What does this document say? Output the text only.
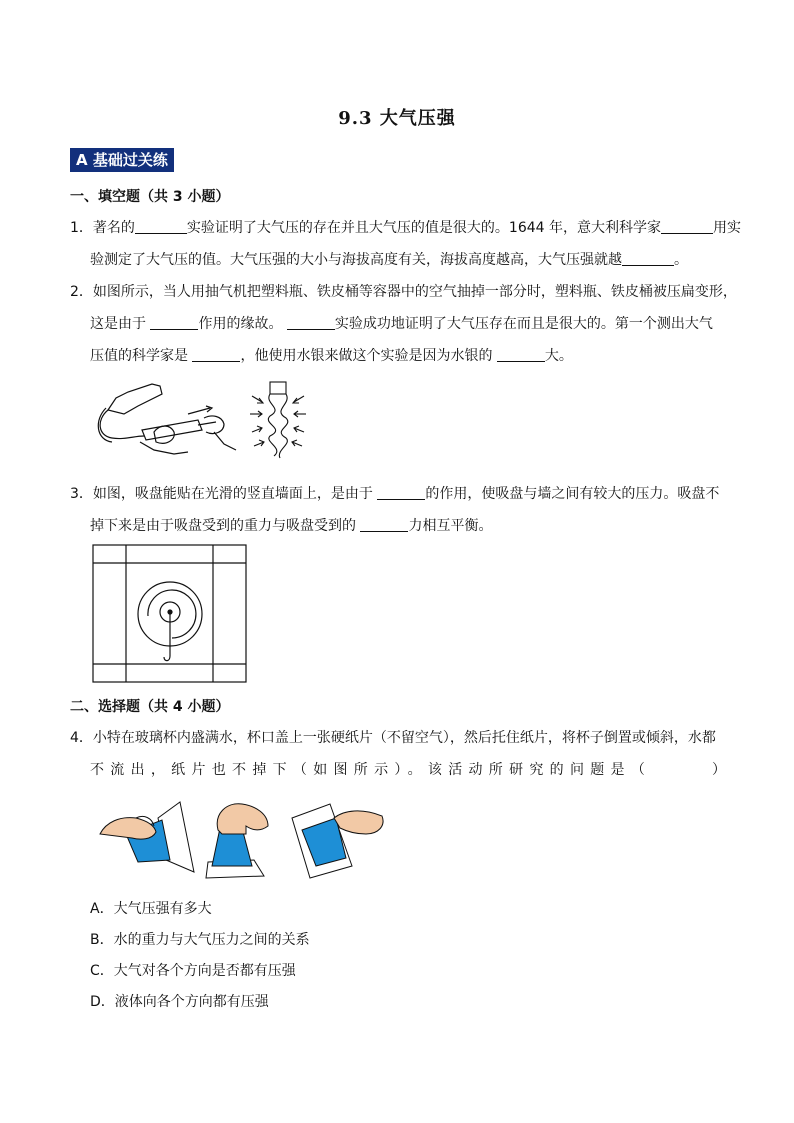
9.3 大气压强
A 基础过关练
一、填空题（共 3 小题）
1．著名的	实验证明了大气压的存在并且大气压的值是很大的。1644 年，意大利科学家	用实
验测定了大气压的值。大气压强的大小与海拔高度有关，海拔高度越高，大气压强就越	。
2．如图所示，当人用抽气机把塑料瓶、铁皮桶等容器中的空气抽掉一部分时，塑料瓶、铁皮桶被压扁变形，
这是由于	作用的缘故。	实验成功地证明了大气压存在而且是很大的。第一个测出大气
压值的科学家是	，他使用水银来做这个实验是因为水银的	大。
3．如图，吸盘能贴在光滑的竖直墙面上，是由于	的作用，使吸盘与墙之间有较大的压力。吸盘不
掉下来是由于吸盘受到的重力与吸盘受到的	力相互平衡。
二、选择题（共 4 小题）
4．小特在玻璃杯内盛满水，杯口盖上一张硬纸片（不留空气），然后托住纸片，将杯子倒置或倾斜，水都
不流出，纸片也不掉下（如图所示）。该活动所研究的问题是（　　　）
A．大气压强有多大
B．水的重力与大气压力之间的关系
C．大气对各个方向是否都有压强
D．液体向各个方向都有压强
